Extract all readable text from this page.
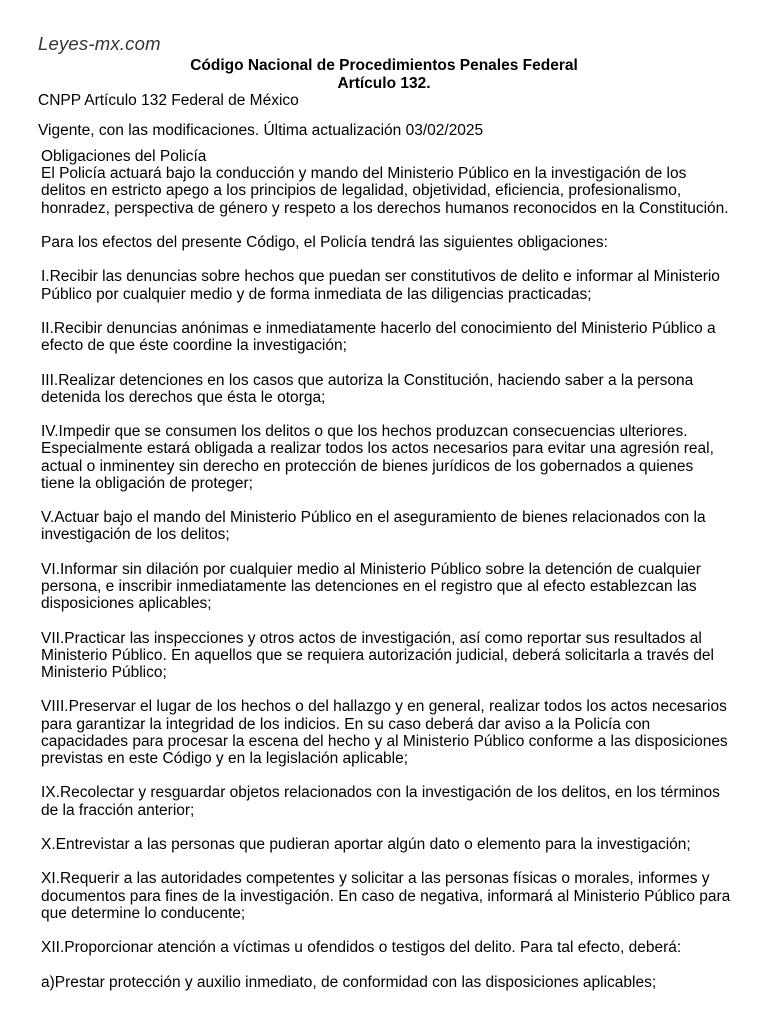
Leyes-mx.com
Código Nacional de Procedimientos Penales Federal
Artículo 132.
CNPP Artículo 132 Federal de México
Vigente, con las modificaciones. Última actualización 03/02/2025

Obligaciones del Policía

El Policía actuará bajo la conducción y mando del Ministerio Público en la investigación de los delitos en estricto apego a los principios de legalidad, objetividad, eficiencia, profesionalismo, honradez, perspectiva de género y respeto a los derechos humanos reconocidos en la Constitución.

Para los efectos del presente Código, el Policía tendrá las siguientes obligaciones:

I.Recibir las denuncias sobre hechos que puedan ser constitutivos de delito e informar al Ministerio Público por cualquier medio y de forma inmediata de las diligencias practicadas;

II.Recibir denuncias anónimas e inmediatamente hacerlo del conocimiento del Ministerio Público a efecto de que éste coordine la investigación;

III.Realizar detenciones en los casos que autoriza la Constitución, haciendo saber a la persona detenida los derechos que ésta le otorga;

IV.Impedir que se consumen los delitos o que los hechos produzcan consecuencias ulteriores. Especialmente estará obligada a realizar todos los actos necesarios para evitar una agresión real, actual o inminentey sin derecho en protección de bienes jurídicos de los gobernados a quienes tiene la obligación de proteger;

V.Actuar bajo el mando del Ministerio Público en el aseguramiento de bienes relacionados con la investigación de los delitos;

VI.Informar sin dilación por cualquier medio al Ministerio Público sobre la detención de cualquier persona, e inscribir inmediatamente las detenciones en el registro que al efecto establezcan las disposiciones aplicables;

VII.Practicar las inspecciones y otros actos de investigación, así como reportar sus resultados al Ministerio Público. En aquellos que se requiera autorización judicial, deberá solicitarla a través del Ministerio Público;

VIII.Preservar el lugar de los hechos o del hallazgo y en general, realizar todos los actos necesarios para garantizar la integridad de los indicios. En su caso deberá dar aviso a la Policía con capacidades para procesar la escena del hecho y al Ministerio Público conforme a las disposiciones previstas en este Código y en la legislación aplicable;

IX.Recolectar y resguardar objetos relacionados con la investigación de los delitos, en los términos de la fracción anterior;

X.Entrevistar a las personas que pudieran aportar algún dato o elemento para la investigación;

XI.Requerir a las autoridades competentes y solicitar a las personas físicas o morales, informes y documentos para fines de la investigación. En caso de negativa, informará al Ministerio Público para que determine lo conducente;

XII.Proporcionar atención a víctimas u ofendidos o testigos del delito. Para tal efecto, deberá:

a)Prestar protección y auxilio inmediato, de conformidad con las disposiciones aplicables;
